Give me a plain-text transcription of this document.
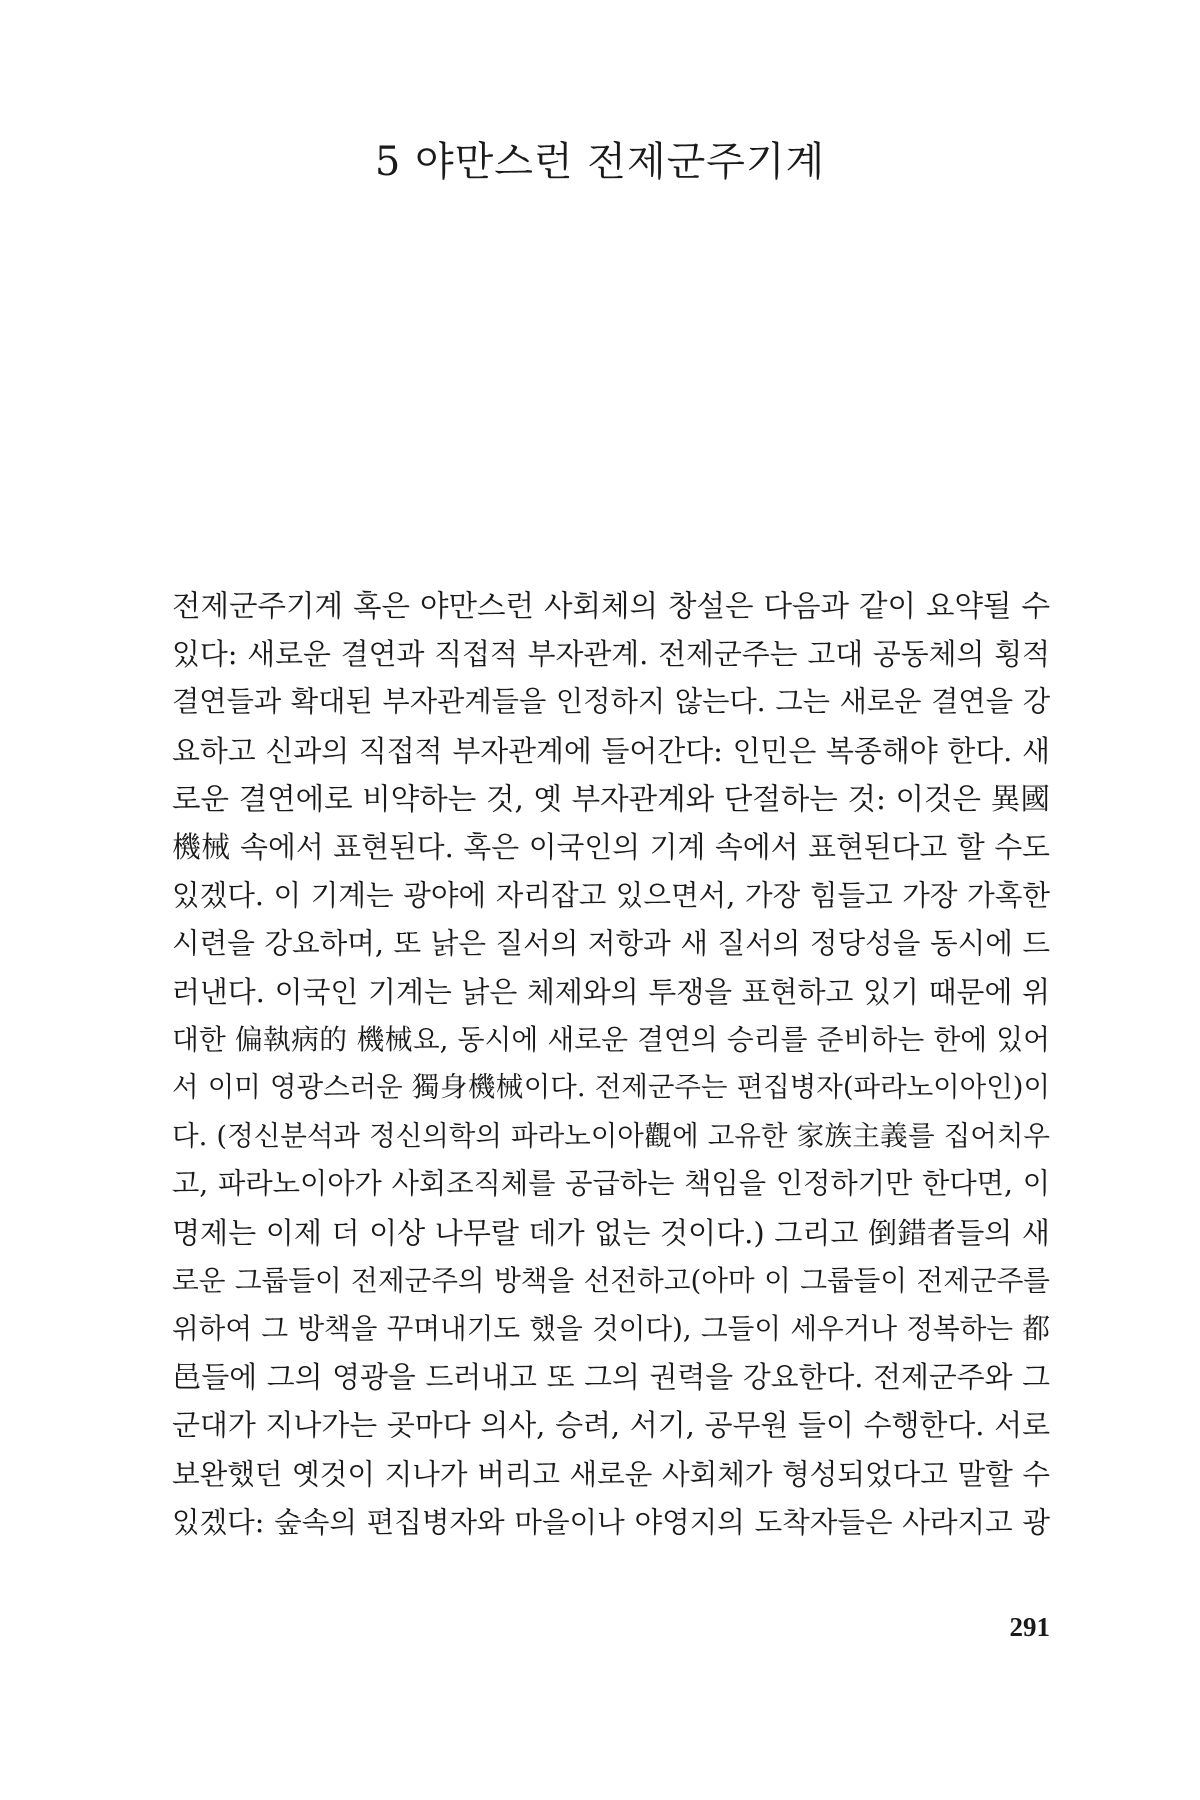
5 야만스런 전제군주기계
전제군주기계 혹은 야만스런 사회체의 창설은 다음과 같이 요약될 수
있다: 새로운 결연과 직접적 부자관계. 전제군주는 고대 공동체의 횡적
결연들과 확대된 부자관계들을 인정하지 않는다. 그는 새로운 결연을 강
요하고 신과의 직접적 부자관계에 들어간다: 인민은 복종해야 한다. 새
로운 결연에로 비약하는 것, 옛 부자관계와 단절하는 것: 이것은 異國
機械 속에서 표현된다. 혹은 이국인의 기계 속에서 표현된다고 할 수도
있겠다. 이 기계는 광야에 자리잡고 있으면서, 가장 힘들고 가장 가혹한
시련을 강요하며, 또 낡은 질서의 저항과 새 질서의 정당성을 동시에 드
러낸다. 이국인 기계는 낡은 체제와의 투쟁을 표현하고 있기 때문에 위
대한 偏執病的 機械요, 동시에 새로운 결연의 승리를 준비하는 한에 있어
서 이미 영광스러운 獨身機械이다. 전제군주는 편집병자(파라노이아인)이
다. (정신분석과 정신의학의 파라노이아觀에 고유한 家族主義를 집어치우
고, 파라노이아가 사회조직체를 공급하는 책임을 인정하기만 한다면, 이
명제는 이제 더 이상 나무랄 데가 없는 것이다.) 그리고 倒錯者들의 새
로운 그룹들이 전제군주의 방책을 선전하고(아마 이 그룹들이 전제군주를
위하여 그 방책을 꾸며내기도 했을 것이다), 그들이 세우거나 정복하는 都
邑들에 그의 영광을 드러내고 또 그의 권력을 강요한다. 전제군주와 그
군대가 지나가는 곳마다 의사, 승려, 서기, 공무원 들이 수행한다. 서로
보완했던 옛것이 지나가 버리고 새로운 사회체가 형성되었다고 말할 수
있겠다: 숲속의 편집병자와 마을이나 야영지의 도착자들은 사라지고 광
291
